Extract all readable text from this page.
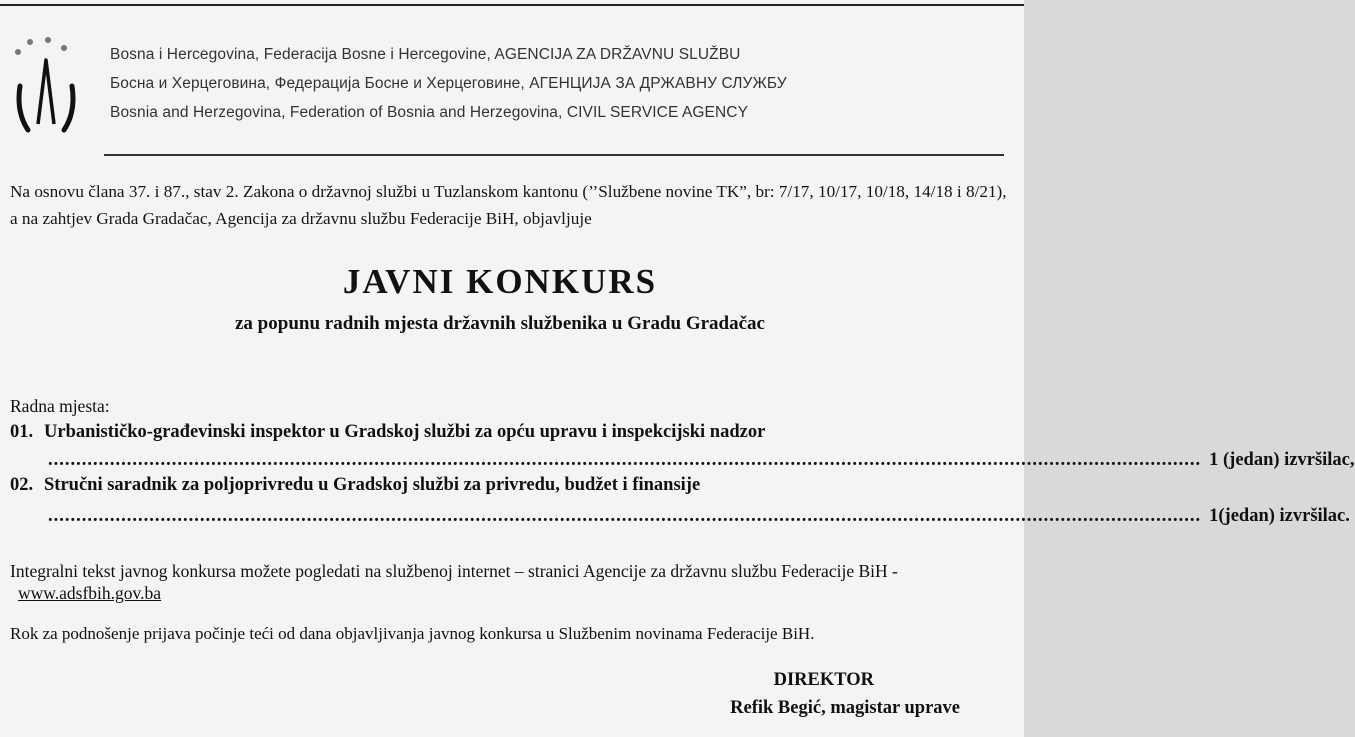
Bosna i Hercegovina, Federacija Bosne i Hercegovine, AGENCIJA ZA DRŽAVNU SLUŽBU
Босна и Херцеговина, Федерација Босне и Херцеговине, АГЕНЦИЈА ЗА ДРЖАВНУ СЛУЖБУ
Bosnia and Herzegovina, Federation of Bosnia and Herzegovina, CIVIL SERVICE AGENCY
Na osnovu člana 37. i 87., stav 2. Zakona o državnoj službi u Tuzlanskom kantonu (’’Službene novine TK”, br: 7/17, 10/17, 10/18, 14/18 i 8/21), a na zahtjev Grada Gradačac, Agencija za državnu službu Federacije BiH, objavljuje
JAVNI KONKURS
za popunu radnih mjesta državnih službenika u Gradu Gradačac
Radna mjesta:
01. Urbanističko-građevinski inspektor u Gradskoj službi za opću upravu i inspekcijski nadzor
............................................................................................................................................................................................................. 1 (jedan) izvršilac,
02. Stručni saradnik za poljoprivredu u Gradskoj službi za privredu, budžet i finansije
............................................................................................................................................................................................................. 1(jedan) izvršilac.
Integralni tekst javnog konkursa možete pogledati na službenoj internet – stranici Agencije za državnu službu Federacije BiH -www.adsfbih.gov.ba
Rok za podnošenje prijava počinje teći od dana objavljivanja javnog konkursa u Službenim novinama Federacije BiH.
DIREKTOR
Refik Begić, magistar uprave
